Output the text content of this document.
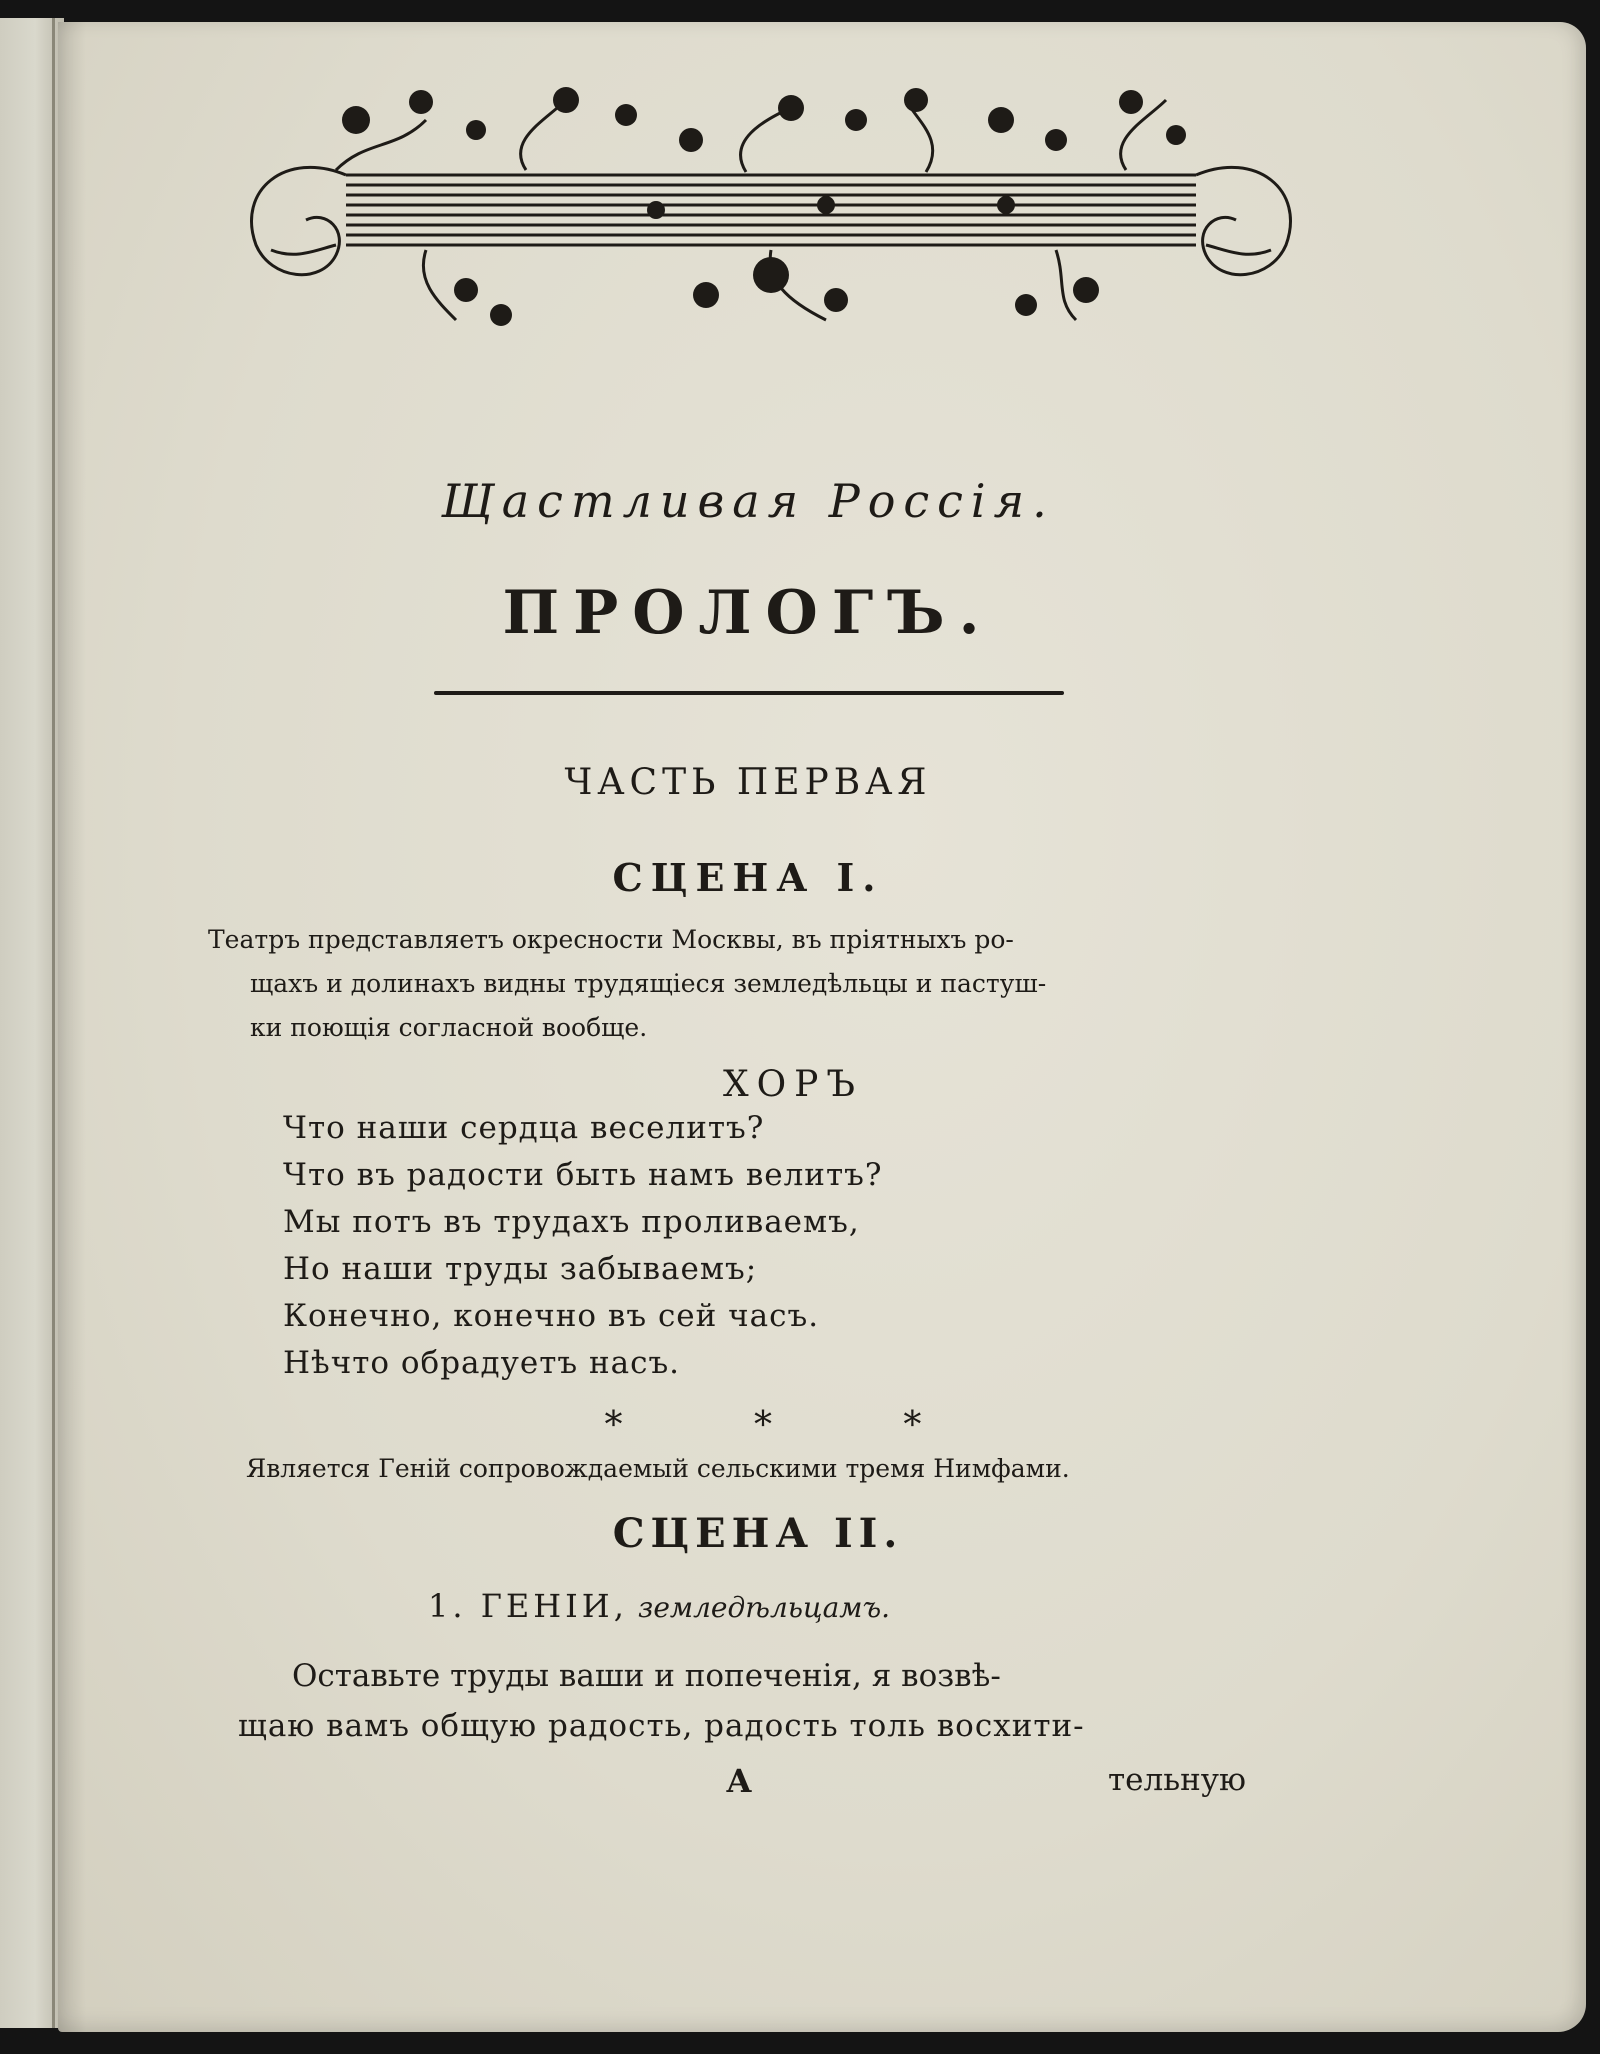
Щастливая Россія.
ПРОЛОГЪ.
ЧАСТЬ ПЕРВАЯ
СЦЕНА I.
Театръ представляетъ окресности Москвы, въ пріятныхъ ро-
щахъ и долинахъ видны трудящіеся земледѣльцы и пастуш-
ки поющія согласной вообще.
ХОРЪ
Что наши сердца веселитъ?
Что въ радости быть намъ велитъ?
Мы потъ въ трудахъ проливаемъ,
Но наши труды забываемъ;
Конечно, конечно въ сей часъ.
Нѣчто обрадуетъ насъ.
* * *
Является Геній сопровождаемый сельскими тремя Нимфами.
СЦЕНА II.
1. ГЕНІИ, земледѣльцамъ.
Оставьте труды ваши и попеченія, я возвѣ-
щаю вамъ общую радость, радость толь восхити-
А	тельную
